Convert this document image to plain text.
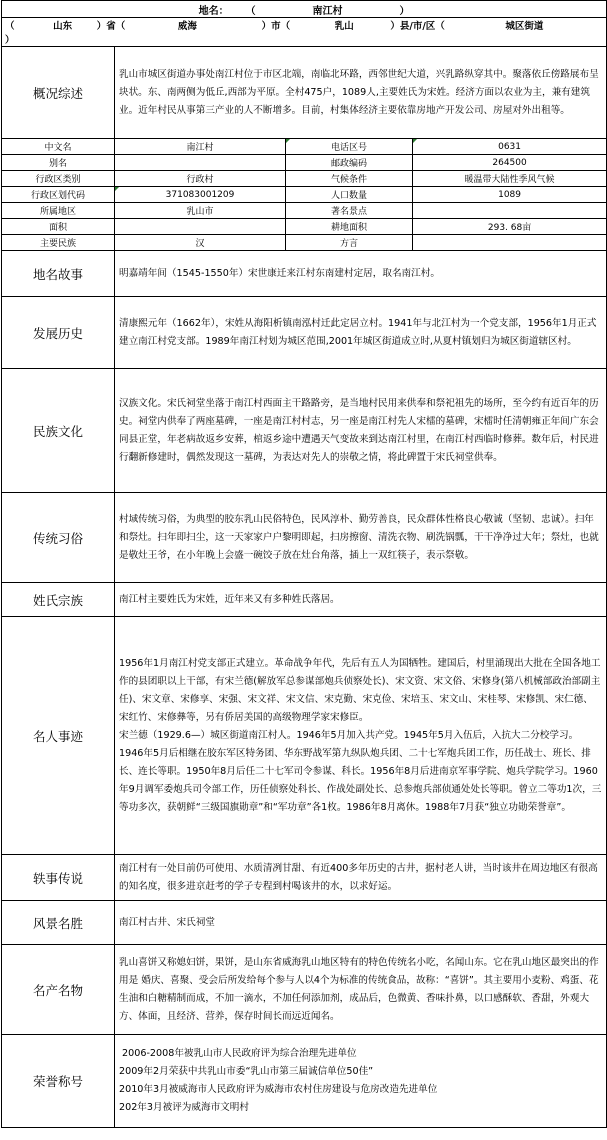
地名： （ 南江村 ）			
（ 山东 ）省（ 威海 ）市（ 乳山 ）县/市/区（ 城区街道  ）			
概况综述	乳山市城区街道办事处南江村位于市区北端，南临北环路，西邻世纪大道，兴乳路纵穿其中。聚落依丘傍路展布呈块状。东、南两侧为低丘,西部为平原。全村475户，1089人,主要姓氏为宋姓。经济方面以农业为主，兼有建筑业。近年村民从事第三产业的人不断增多。目前，村集体经济主要依靠房地产开发公司、房屋对外出租等。		
中文名	南江村	电话区号	0631
别名		邮政编码	264500
行政区类别	行政村	气候条件	暖温带大陆性季风气候
行政区划代码	371083001209	人口数量	1089
所属地区	乳山市	著名景点	
面积		耕地面积	293. 68亩
主要民族	汉	方言	
地名故事	明嘉靖年间（1545-1550年）宋世康迁来江村东南建村定居，取名南江村。		
发展历史	清康熙元年（1662年），宋姓从海阳析镇南泓村迁此定居立村。1941年与北江村为一个党支部，1956年1月正式建立南江村党支部。1989年南江村划为城区范围,2001年城区街道成立时,从夏村镇划归为城区街道辖区村。		
民族文化	汉族文化。宋氏祠堂坐落于南江村西面主干路路旁，是当地村民用来供奉和祭祀祖先的场所，至今约有近百年的历史。祠堂内供奉了两座墓碑，一座是南江村村志，另一座是南江村先人宋檑的墓碑，宋檑时任清朝雍正年间广东会同县正堂，年老病故返乡安葬，棺返乡途中遭遇天气变故来到达南江村里，在南江村西临时修葬。数年后，村民进行翻新修建时，偶然发现这一墓碑，为表达对先人的崇敬之情，将此碑置于宋氏祠堂供奉。		
传统习俗	村域传统习俗，为典型的胶东乳山民俗特色，民风淳朴、勤劳善良，民众群体性格良心敬诚（坚韧、忠诚）。扫年和祭灶。扫年即扫尘，这一天家家户户黎明即起，扫房擦窗、清洗衣物、刷洗锅瓢，干干净净过大年；祭灶，也就是敬灶王爷，在小年晚上会盛一碗饺子放在灶台角落，插上一双红筷子，表示祭敬。		
姓氏宗族	南江村主要姓氏为宋姓，近年来又有多种姓氏落居。		
名人事迹	1956年1月南江村党支部正式建立。革命战争年代，先后有五人为国牺牲。建国后，村里涌现出大批在全国各地工作的县团职以上干部，有宋兰德(解放军总参谋部炮兵侦察处长)、宋文资、宋文俗、宋修身(第八机械部政治部副主任)、宋文章、宋修享、宋强、宋文祥、宋文信、宋克勤、宋克俭、宋培玉、宋文山、宋桂琴、宋修凯、宋仁德、宋红竹、宋修彝等，另有侨居美国的高级物理学家宋修臣。
宋兰德（1929.6—）城区街道南江村人。1946年5月加入共产党。1945年5月入伍后，入抗大二分校学习。1946年5月后相继在胶东军区特务团、华东野战军第九纵队炮兵团、二十七军炮兵团工作，历任战士、班长、排长、连长等职。1950年8月后任二十七军司令参谋、科长。1956年8月后进南京军事学院、炮兵学院学习。1960年9月调军委炮兵司令部工作，历任侦察处科长、作战处副处长、总参炮兵部侦通处处长等职。曾立二等功1次，三等功多次，获朝鲜“三级国旗勋章”和“军功章”各1枚。1986年8月离休。1988年7月获“独立功勋荣誉章”。		

轶事传说	南江村有一处目前仍可使用、水质清冽甘甜、有近400多年历史的古井，据村老人讲，当时该井在周边地区有很高的知名度，很多进京赶考的学子专程到村喝该井的水，以求好运。		
风景名胜	南江村古井、宋氏祠堂		
名产名物	乳山喜饼又称媳妇饼，果饼，是山东省威海乳山地区特有的特色传统名小吃，名闻山东。它在乳山地区最突出的作用是 婚庆、喜聚、受会后所发给每个参与人以4个为标准的传统食品，故称：“喜饼”。其主要用小麦粉、鸡蛋、花生油和白糖精制而成，不加一滴水，不加任何添加剂，成品后，色微黄、香味扑鼻，以口感酥软、香甜，外观大方、体面，且经济、营养，保存时间长而远近闻名。		
荣誉称号	2006-2008年被乳山市人民政府评为综合治理先进单位
2009年2月荣获中共乳山市委“乳山市第三届诚信单位50佳”
2010年3月被威海市人民政府评为威海市农村住房建设与危房改造先进单位
202年3月被评为威海市文明村		
